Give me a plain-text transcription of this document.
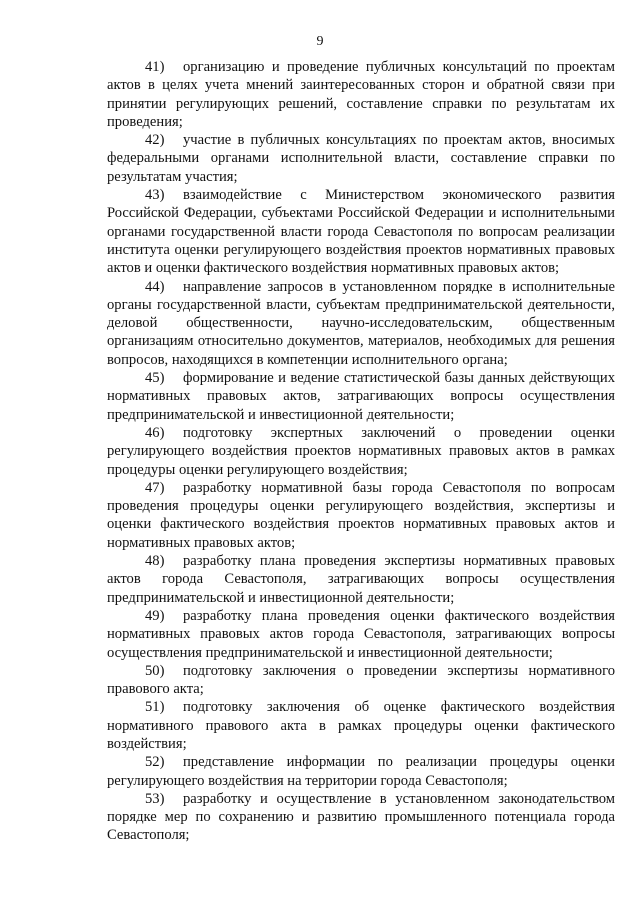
9

41) организацию и проведение публичных консультаций по проектам актов в целях учета мнений заинтересованных сторон и обратной связи при принятии регулирующих решений, составление справки по результатам их проведения;

42) участие в публичных консультациях по проектам актов, вносимых федеральными органами исполнительной власти, составление справки по результатам участия;

43) взаимодействие с Министерством экономического развития Российской Федерации, субъектами Российской Федерации и исполнительными органами государственной власти города Севастополя по вопросам реализации института оценки регулирующего воздействия проектов нормативных правовых актов и оценки фактического воздействия нормативных правовых актов;

44) направление запросов в установленном порядке в исполнительные органы государственной власти, субъектам предпринимательской деятельности, деловой общественности, научно-исследовательским, общественным организациям относительно документов, материалов, необходимых для решения вопросов, находящихся в компетенции исполнительного органа;

45) формирование и ведение статистической базы данных действующих нормативных правовых актов, затрагивающих вопросы осуществления предпринимательской и инвестиционной деятельности;

46) подготовку экспертных заключений о проведении оценки регулирующего воздействия проектов нормативных правовых актов в рамках процедуры оценки регулирующего воздействия;

47) разработку нормативной базы города Севастополя по вопросам проведения процедуры оценки регулирующего воздействия, экспертизы и оценки фактического воздействия проектов нормативных правовых актов и нормативных правовых актов;

48) разработку плана проведения экспертизы нормативных правовых актов города Севастополя, затрагивающих вопросы осуществления предпринимательской и инвестиционной деятельности;

49) разработку плана проведения оценки фактического воздействия нормативных правовых актов города Севастополя, затрагивающих вопросы осуществления предпринимательской и инвестиционной деятельности;

50) подготовку заключения о проведении экспертизы нормативного правового акта;

51) подготовку заключения об оценке фактического воздействия нормативного правового акта в рамках процедуры оценки фактического воздействия;

52) представление информации по реализации процедуры оценки регулирующего воздействия на территории города Севастополя;

53) разработку и осуществление в установленном законодательством порядке мер по сохранению и развитию промышленного потенциала города Севастополя;
